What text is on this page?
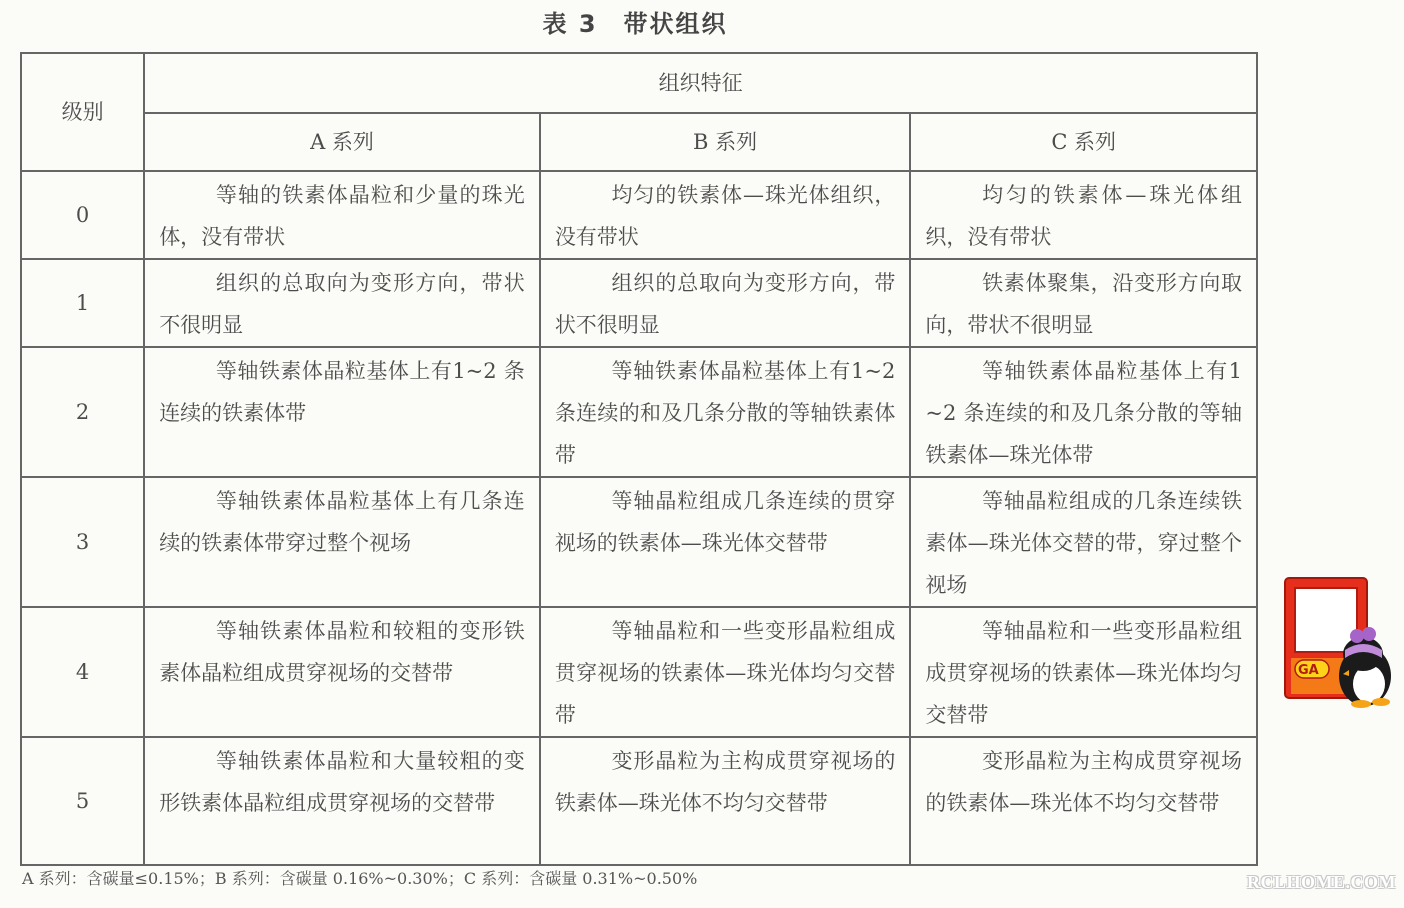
表 3　带状组织
级别	组织特征		
	A 系列	B 系列	C 系列
0	等轴的铁素体晶粒和少量的珠光体，没有带状	均匀的铁素体—珠光体组织，没有带状	均匀的铁素体—珠光体组织，没有带状

1	组织的总取向为变形方向，带状不很明显	组织的总取向为变形方向，带状不很明显	铁素体聚集，沿变形方向取向，带状不很明显

2	等轴铁素体晶粒基体上有1~2 条连续的铁素体带	等轴铁素体晶粒基体上有1~2 条连续的和及几条分散的等轴铁素体带	等轴铁素体晶粒基体上有1~2 条连续的和及几条分散的等轴铁素体—珠光体带

3	等轴铁素体晶粒基体上有几条连续的铁素体带穿过整个视场	等轴晶粒组成几条连续的贯穿视场的铁素体—珠光体交替带	等轴晶粒组成的几条连续铁素体—珠光体交替的带，穿过整个视场

4	等轴铁素体晶粒和较粗的变形铁素体晶粒组成贯穿视场的交替带	等轴晶粒和一些变形晶粒组成贯穿视场的铁素体—珠光体均匀交替带	等轴晶粒和一些变形晶粒组成贯穿视场的铁素体—珠光体均匀交替带

5	等轴铁素体晶粒和大量较粗的变形铁素体晶粒组成贯穿视场的交替带	变形晶粒为主构成贯穿视场的铁素体—珠光体不均匀交替带	变形晶粒为主构成贯穿视场的铁素体—珠光体不均匀交替带
A 系列：含碳量≤0.15%；B 系列：含碳量 0.16%~0.30%；C 系列：含碳量 0.31%~0.50%
GA
RCLHOME.COM
